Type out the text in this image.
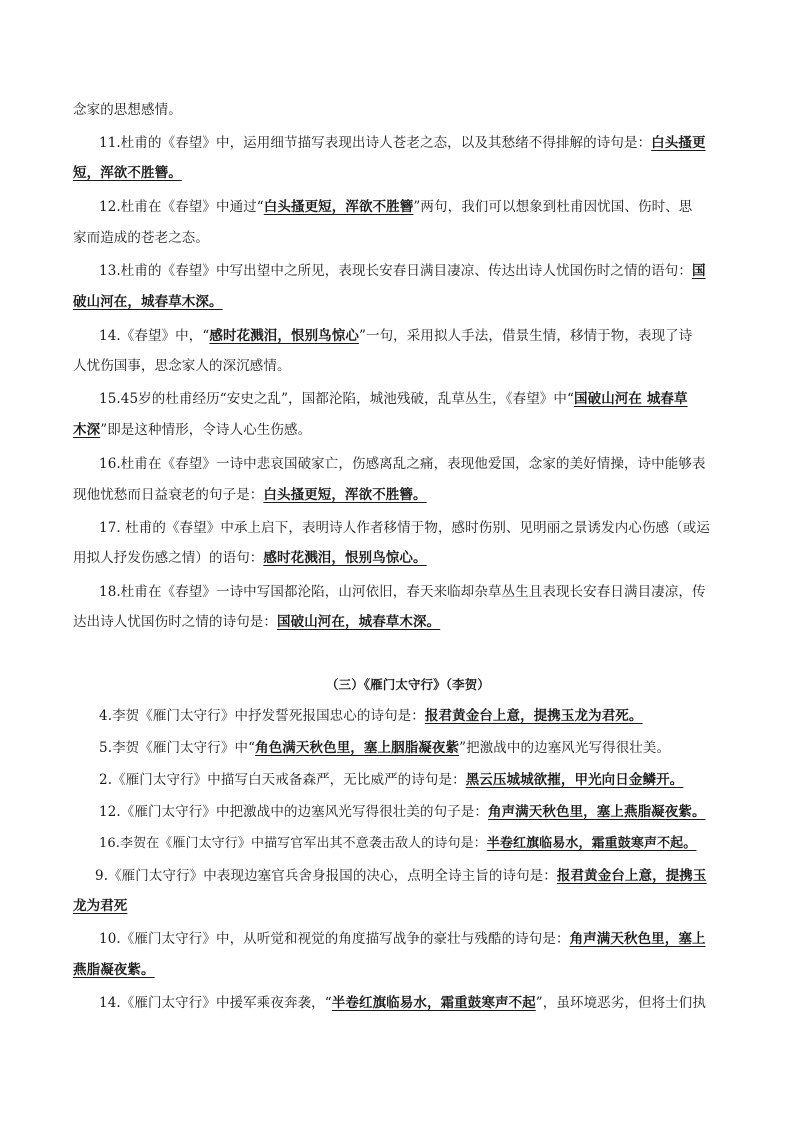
念家的思想感情。
11.杜甫的《春望》中，运用细节描写表现出诗人苍老之态，以及其愁绪不得排解的诗句是：白头搔更
短，浑欲不胜簪。
12.杜甫在《春望》中通过“白头搔更短，浑欲不胜簪”两句，我们可以想象到杜甫因忧国、伤时、思
家而造成的苍老之态。
13.杜甫的《春望》中写出望中之所见，表现长安春日满目凄凉、传达出诗人忧国伤时之情的语句：国
破山河在，城春草木深。
14.《春望》中，“感时花溅泪，恨别鸟惊心”一句，采用拟人手法，借景生情，移情于物，表现了诗
人忧伤国事，思念家人的深沉感情。
15.45岁的杜甫经历“安史之乱”，国都沦陷，城池残破，乱草丛生，《春望》中“国破山河在 城春草
木深”即是这种情形，令诗人心生伤感。
16.杜甫在《春望》一诗中悲哀国破家亡，伤感离乱之痛，表现他爱国，念家的美好情操，诗中能够表
现他忧愁而日益衰老的句子是：白头搔更短，浑欲不胜簪。
17. 杜甫的《春望》中承上启下，表明诗人作者移情于物，感时伤别、见明丽之景诱发内心伤感（或运
用拟人抒发伤感之情）的语句：感时花溅泪，恨别鸟惊心。
18.杜甫在《春望》一诗中写国都沦陷，山河依旧，春天来临却杂草丛生且表现长安春日满目凄凉，传
达出诗人忧国伤时之情的诗句是：国破山河在，城春草木深。
（三）《雁门太守行》（李贺）
4.李贺《雁门太守行》中抒发誓死报国忠心的诗句是：报君黄金台上意，提携玉龙为君死。
5.李贺《雁门太守行》中“角色满天秋色里，塞上胭脂凝夜紫”把激战中的边塞风光写得很壮美。
2.《雁门太守行》中描写白天戒备森严，无比威严的诗句是：黑云压城城欲摧，甲光向日金鳞开。
12.《雁门太守行》中把激战中的边塞风光写得很壮美的句子是：角声满天秋色里，塞上燕脂凝夜紫。
16.李贺在《雁门太守行》中描写官军出其不意袭击敌人的诗句是：半卷红旗临易水，霜重鼓寒声不起。
9.《雁门太守行》中表现边塞官兵舍身报国的决心，点明全诗主旨的诗句是：报君黄金台上意，提携玉
龙为君死
10.《雁门太守行》中，从听觉和视觉的角度描写战争的豪壮与残酷的诗句是：角声满天秋色里，塞上
燕脂凝夜紫。
14.《雁门太守行》中援军乘夜奔袭，“半卷红旗临易水，霜重鼓寒声不起”，虽环境恶劣，但将士们执
